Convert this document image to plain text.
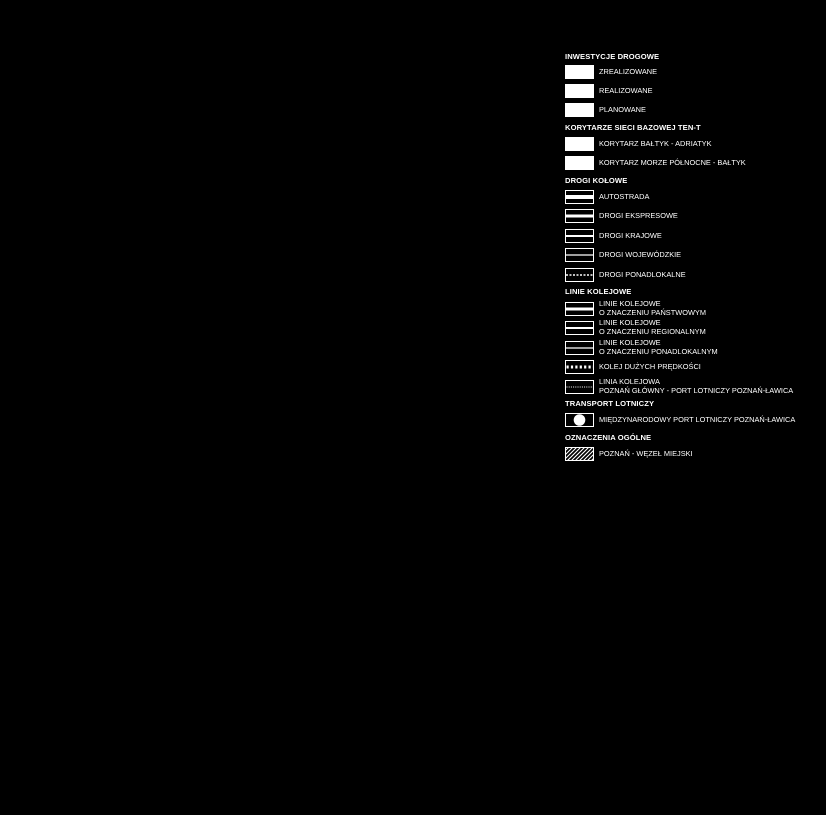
INWESTYCJE DROGOWE
ZREALIZOWANE
REALIZOWANE
PLANOWANE
KORYTARZE SIECI BAZOWEJ TEN-T
KORYTARZ BAŁTYK - ADRIATYK
KORYTARZ MORZE PÓŁNOCNE - BAŁTYK
DROGI KOŁOWE
AUTOSTRADA
DROGI EKSPRESOWE
DROGI KRAJOWE
DROGI WOJEWÓDZKIE
DROGI PONADLOKALNE
LINIE KOLEJOWE
LINIE KOLEJOWE
O ZNACZENIU PAŃSTWOWYM
LINIE KOLEJOWE
O ZNACZENIU REGIONALNYM
LINIE KOLEJOWE
O ZNACZENIU PONADLOKALNYM
KOLEJ DUŻYCH PRĘDKOŚCI
LINIA KOLEJOWA
POZNAŃ GŁÓWNY - PORT LOTNICZY POZNAŃ-ŁAWICA
TRANSPORT LOTNICZY
MIĘDZYNARODOWY PORT LOTNICZY POZNAŃ-ŁAWICA
OZNACZENIA OGÓLNE
POZNAŃ - WĘZEŁ MIEJSKI
